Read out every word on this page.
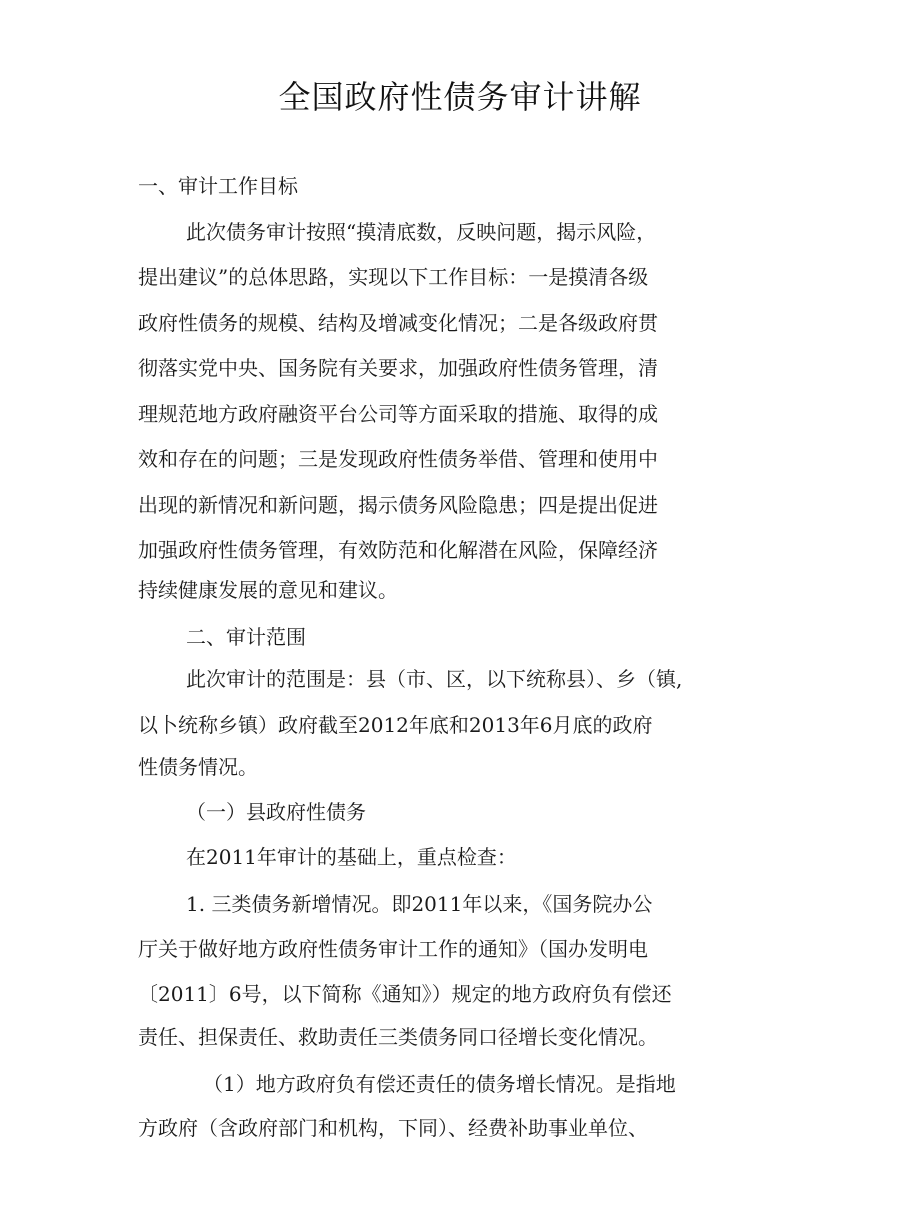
全国政府性债务审计讲解
一、审计工作目标
此次债务审计按照“摸清底数，反映问题，揭示风险，
提出建议”的总体思路，实现以下工作目标：一是摸清各级
政府性债务的规模、结构及增减变化情况；二是各级政府贯
彻落实党中央、国务院有关要求，加强政府性债务管理，清
理规范地方政府融资平台公司等方面采取的措施、取得的成
效和存在的问题；三是发现政府性债务举借、管理和使用中
出现的新情况和新问题，揭示债务风险隐患；四是提出促进
加强政府性债务管理，有效防范和化解潜在风险，保障经济
持续健康发展的意见和建议。
二、审计范围
此次审计的范围是：县（市、区，以下统称县）、乡（镇,
以卜统称乡镇）政府截至2012年底和2013年6月底的政府
性债务情况。
（一）县政府性债务
在2011年审计的基础上，重点检查：
1. 三类债务新增情况。即2011年以来，《国务院办公
厅关于做好地方政府性债务审计工作的通知》（国办发明电
〔2011〕6号，以下简称《通知》）规定的地方政府负有偿还
责任、担保责任、救助责任三类债务同口径增长变化情况。
（1）地方政府负有偿还责任的债务增长情况。是指地
方政府（含政府部门和机构，下同）、经费补助事业单位、
